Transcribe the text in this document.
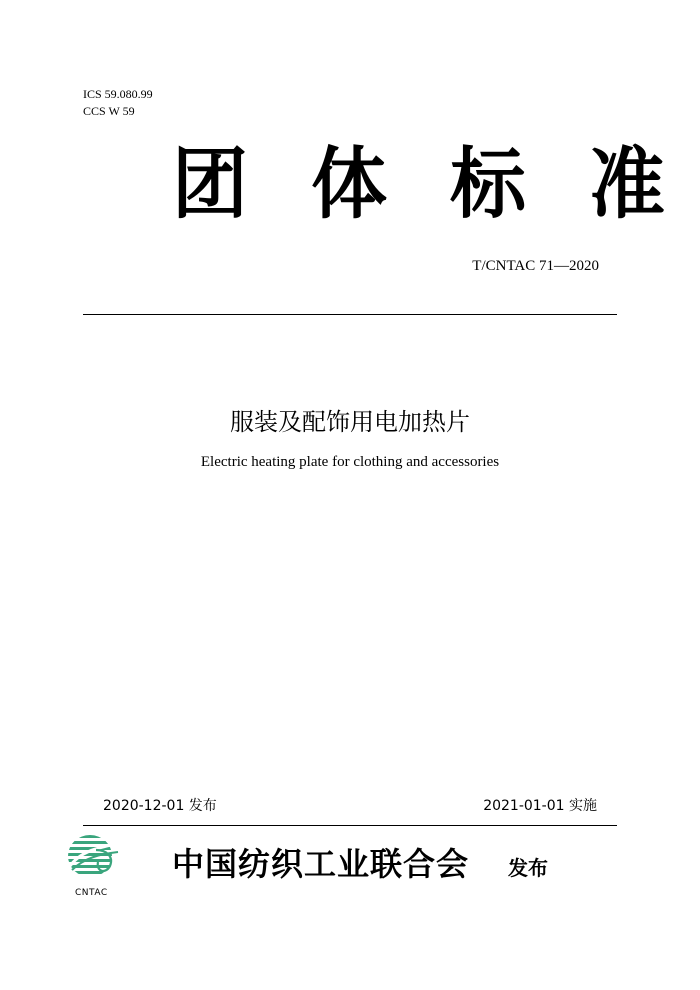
ICS 59.080.99
CCS W 59
团 体 标 准
T/CNTAC 71—2020
服装及配饰用电加热片
Electric heating plate for clothing and accessories
2020-12-01 发布	2021-01-01 实施
CNTAC
中国纺织工业联合会 发布
